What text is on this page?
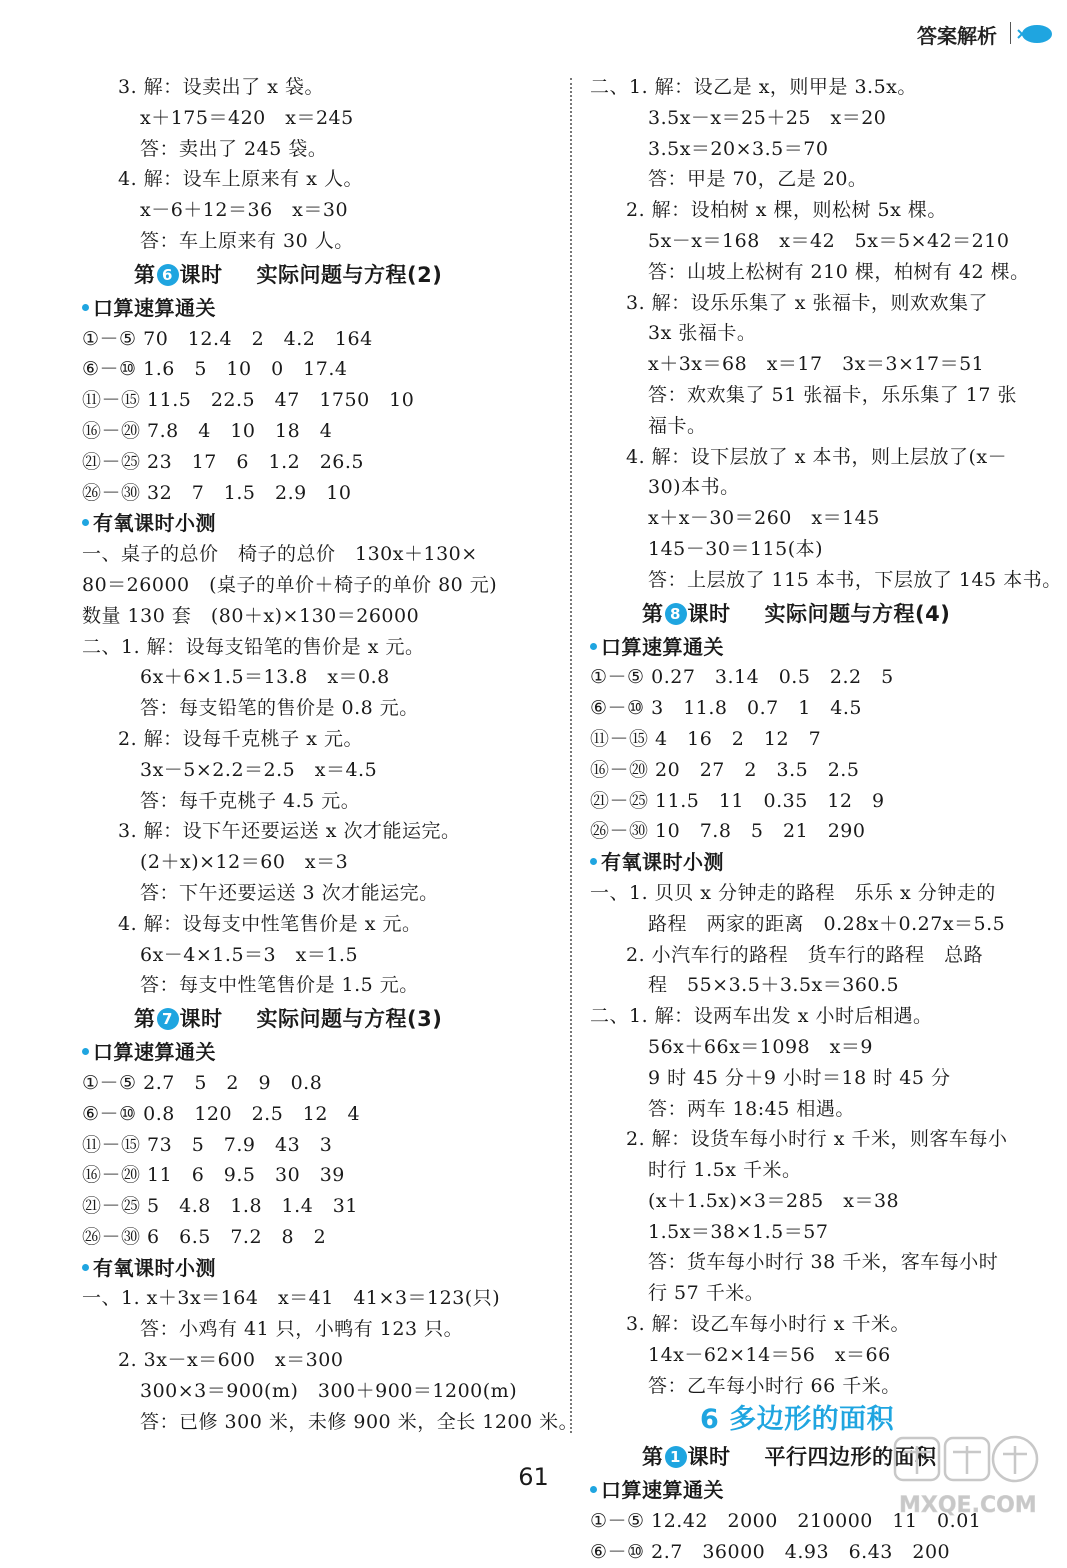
答案解析
3. 解：设卖出了 x 袋。
x＋175＝420　x＝245
答：卖出了 245 袋。
4. 解：设车上原来有 x 人。
x－6＋12＝36　x＝30
答：车上原来有 30 人。
第 6 课时 实际问题与方程(2)
口算速算通关
①－⑤ 70　12.4　2　4.2　164
⑥－⑩ 1.6　5　10　0　17.4
⑪－⑮ 11.5　22.5　47　1750　10
⑯－⑳ 7.8　4　10　18　4
㉑－㉕ 23　17　6　1.2　26.5
㉖－㉚ 32　7　1.5　2.9　10
有氧课时小测
一、桌子的总价　椅子的总价　130x＋130×
80＝26000　(桌子的单价＋椅子的单价 80 元)
数量 130 套　(80＋x)×130＝26000
二、1. 解：设每支铅笔的售价是 x 元。
6x＋6×1.5＝13.8　x＝0.8
答：每支铅笔的售价是 0.8 元。
2. 解：设每千克桃子 x 元。
3x－5×2.2＝2.5　x＝4.5
答：每千克桃子 4.5 元。
3. 解：设下午还要运送 x 次才能运完。
(2＋x)×12＝60　x＝3
答：下午还要运送 3 次才能运完。
4. 解：设每支中性笔售价是 x 元。
6x－4×1.5＝3　x＝1.5
答：每支中性笔售价是 1.5 元。
第 7 课时 实际问题与方程(3)
口算速算通关
①－⑤ 2.7　5　2　9　0.8
⑥－⑩ 0.8　120　2.5　12　4
⑪－⑮ 73　5　7.9　43　3
⑯－⑳ 11　6　9.5　30　39
㉑－㉕ 5　4.8　1.8　1.4　31
㉖－㉚ 6　6.5　7.2　8　2
有氧课时小测
一、1. x＋3x＝164　x＝41　41×3＝123(只)
答：小鸡有 41 只，小鸭有 123 只。
2. 3x－x＝600　x＝300
300×3＝900(m)　300＋900＝1200(m)
答：已修 300 米，未修 900 米，全长 1200 米。
二、1. 解：设乙是 x，则甲是 3.5x。
3.5x－x＝25＋25　x＝20
3.5x＝20×3.5＝70
答：甲是 70，乙是 20。
2. 解：设柏树 x 棵，则松树 5x 棵。
5x－x＝168　x＝42　5x＝5×42＝210
答：山坡上松树有 210 棵，柏树有 42 棵。
3. 解：设乐乐集了 x 张福卡，则欢欢集了
3x 张福卡。
x＋3x＝68　x＝17　3x＝3×17＝51
答：欢欢集了 51 张福卡，乐乐集了 17 张
福卡。
4. 解：设下层放了 x 本书，则上层放了(x－
30)本书。
x＋x－30＝260　x＝145
145－30＝115(本)
答：上层放了 115 本书，下层放了 145 本书。
第 8 课时 实际问题与方程(4)
口算速算通关
①－⑤ 0.27　3.14　0.5　2.2　5
⑥－⑩ 3　11.8　0.7　1　4.5
⑪－⑮ 4　16　2　12　7
⑯－⑳ 20　27　2　3.5　2.5
㉑－㉕ 11.5　11　0.35　12　9
㉖－㉚ 10　7.8　5　21　290
有氧课时小测
一、1. 贝贝 x 分钟走的路程　乐乐 x 分钟走的
路程　两家的距离　0.28x＋0.27x＝5.5
2. 小汽车行的路程　货车行的路程　总路
程　55×3.5＋3.5x＝360.5
二、1. 解：设两车出发 x 小时后相遇。
56x＋66x＝1098　x＝9
9 时 45 分＋9 小时＝18 时 45 分
答：两车 18:45 相遇。
2. 解：设货车每小时行 x 千米，则客车每小
时行 1.5x 千米。
(x＋1.5x)×3＝285　x＝38
1.5x＝38×1.5＝57
答：货车每小时行 38 千米，客车每小时
行 57 千米。
3. 解：设乙车每小时行 x 千米。
14x－62×14＝56　x＝66
答：乙车每小时行 66 千米。
6 多边形的面积
第 1 课时 平行四边形的面积
口算速算通关
①－⑤ 12.42　2000　210000　11　0.01
⑥－⑩ 2.7　36000　4.93　6.43　200
61
MXQE.COM
